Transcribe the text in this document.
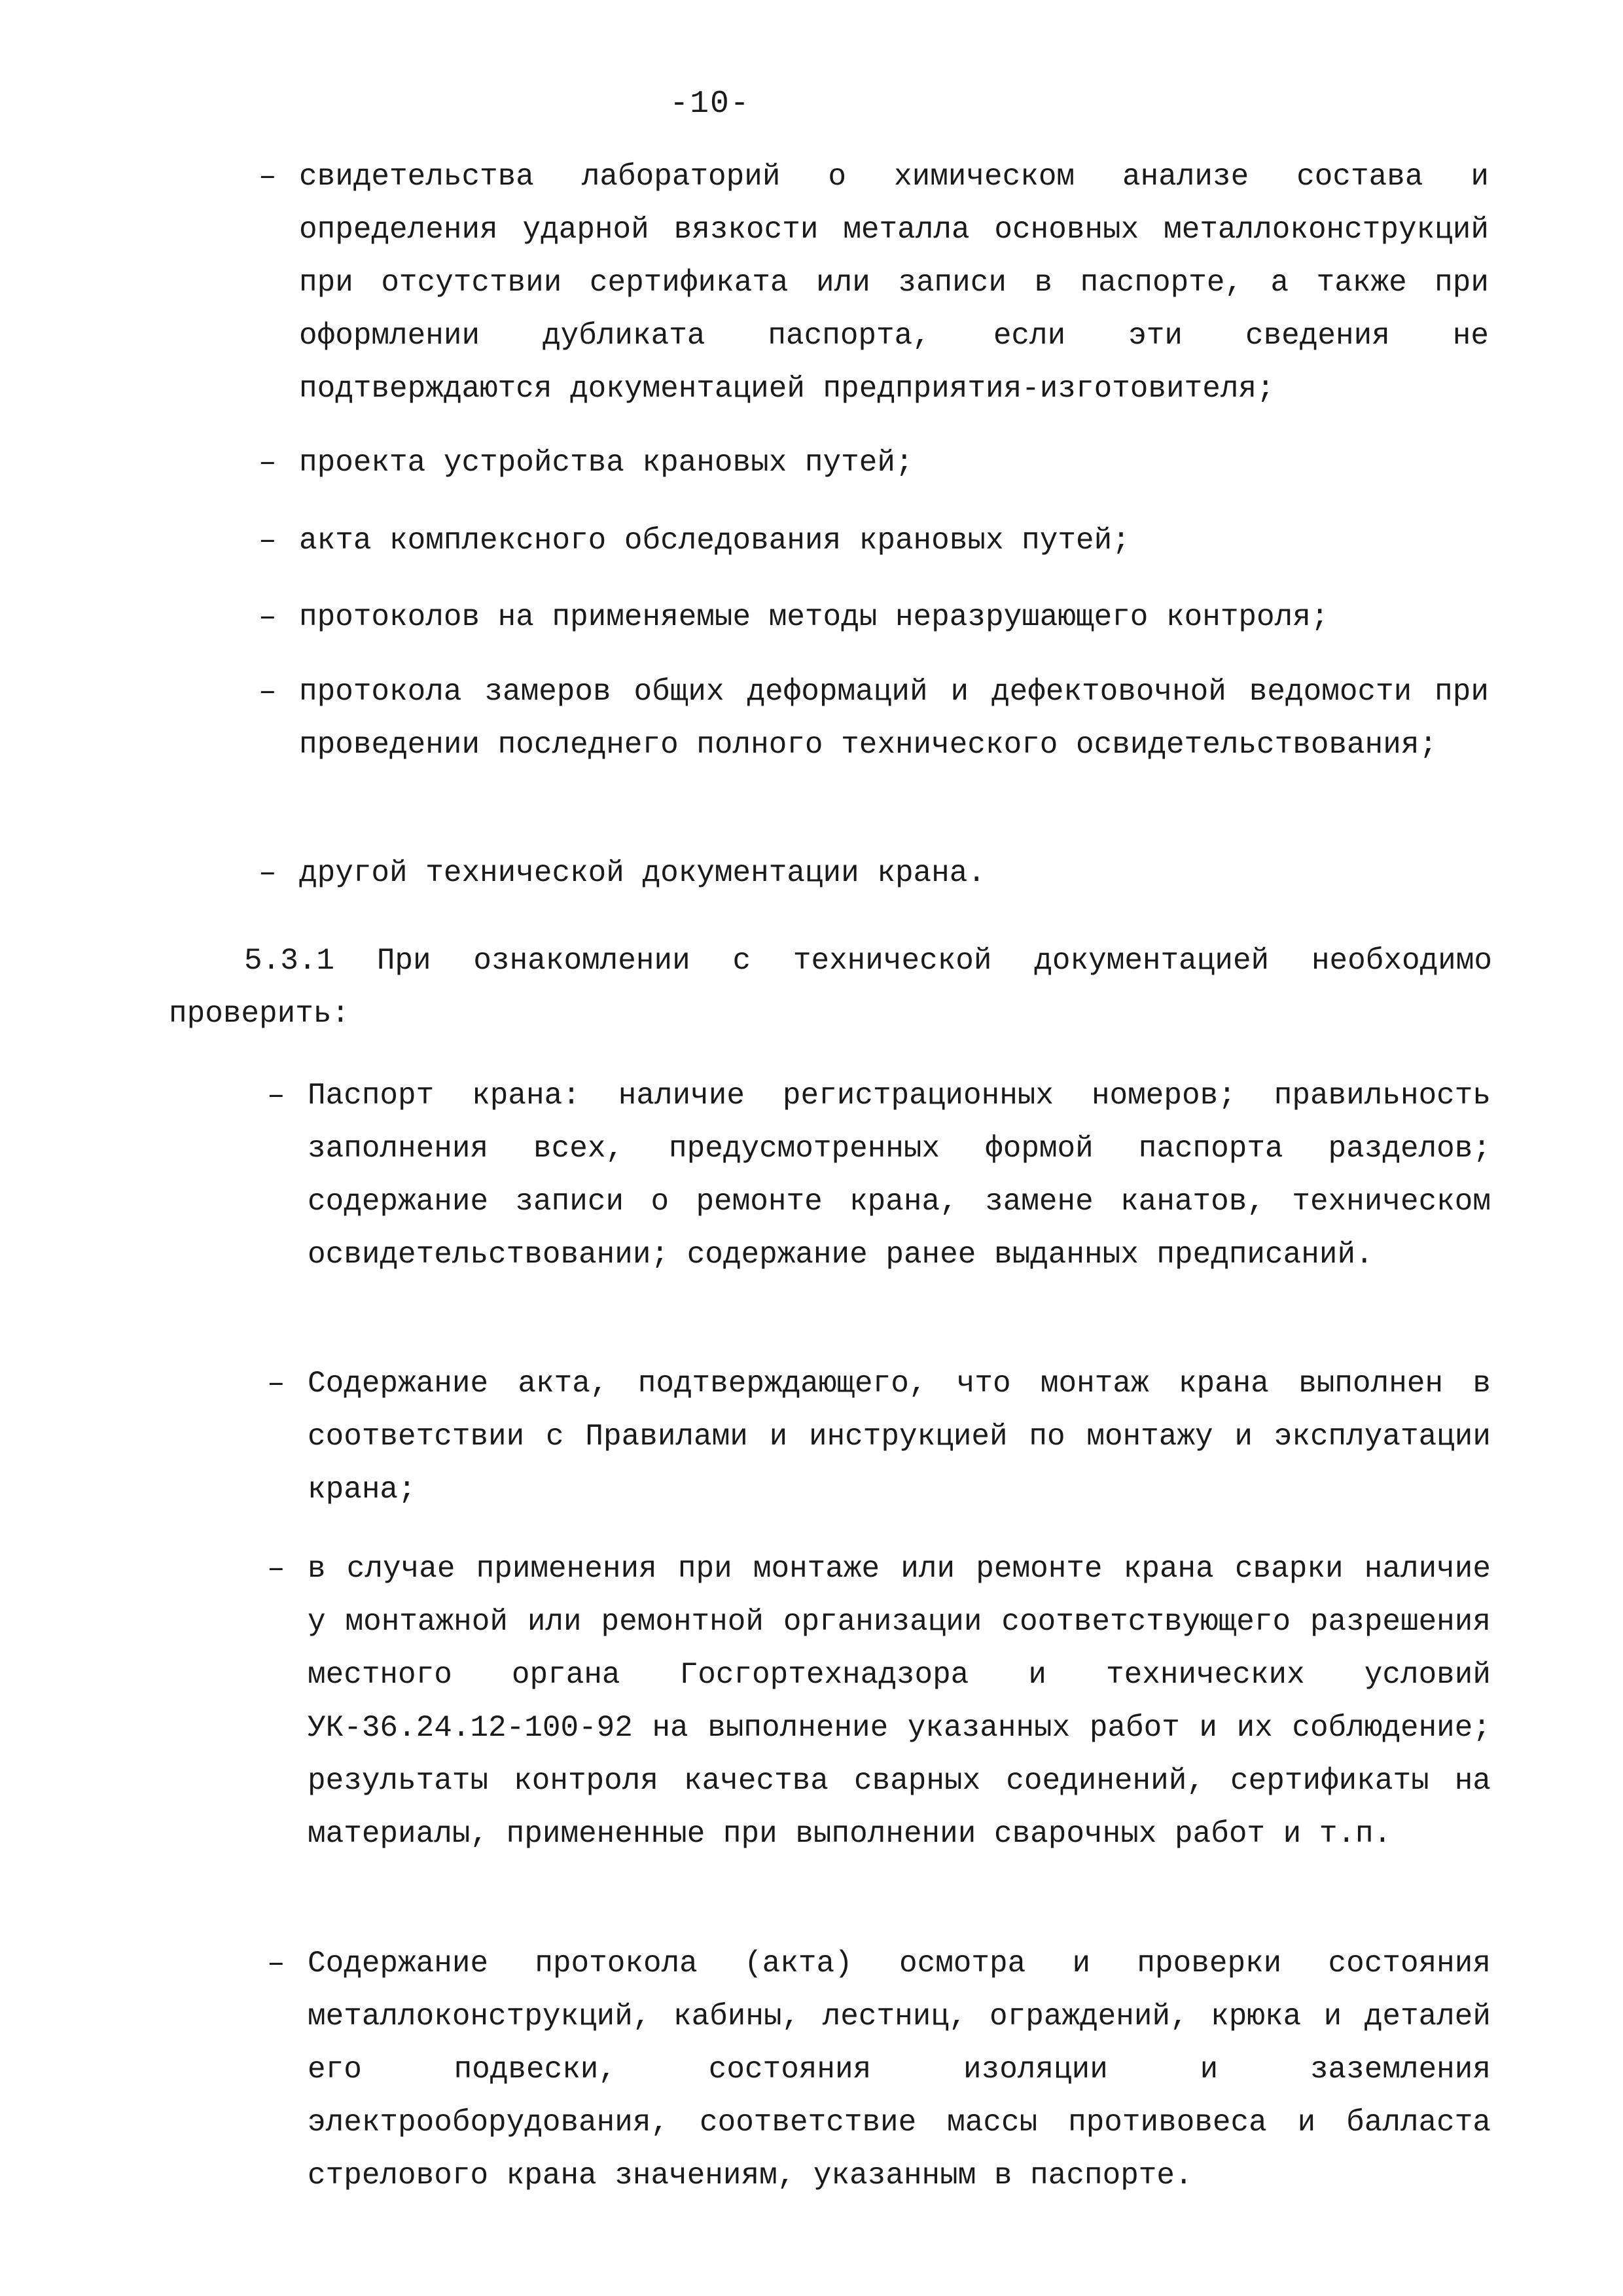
-10-
– свидетельства лабораторий о химическом анализе состава и определения ударной вязкости металла основных металлоконструкций при отсутствии сертификата или записи в паспорте, а также при оформлении дубликата паспорта, если эти сведения не подтверждаются документацией предприятия-изготовителя;
– проекта устройства крановых путей;
– акта комплексного обследования крановых путей;
– протоколов на применяемые методы неразрушающего контроля;
– протокола замеров общих деформаций и дефектовочной ведомости при проведении последнего полного технического освидетельствования;
– другой технической документации крана.
5.3.1 При ознакомлении с технической документацией необходимо проверить:
– Паспорт крана: наличие регистрационных номеров; правильность заполнения всех, предусмотренных формой паспорта разделов; содержание записи о ремонте крана, замене канатов, техническом освидетельствовании; содержание ранее выданных предписаний.
– Содержание акта, подтверждающего, что монтаж крана выполнен в соответствии с Правилами и инструкцией по монтажу и эксплуатации крана;
– в случае применения при монтаже или ремонте крана сварки наличие у монтажной или ремонтной организации соответствующего разрешения местного органа Госгортехнадзора и технических условий УК-36.24.12-100-92 на выполнение указанных работ и их соблюдение; результаты контроля качества сварных соединений, сертификаты на материалы, примененные при выполнении сварочных работ и т.п.
– Содержание протокола (акта) осмотра и проверки состояния металлоконструкций, кабины, лестниц, ограждений, крюка и деталей его подвески, состояния изоляции и заземления электрооборудования, соответствие массы противовеса и балласта стрелового крана значениям, указанным в паспорте.
